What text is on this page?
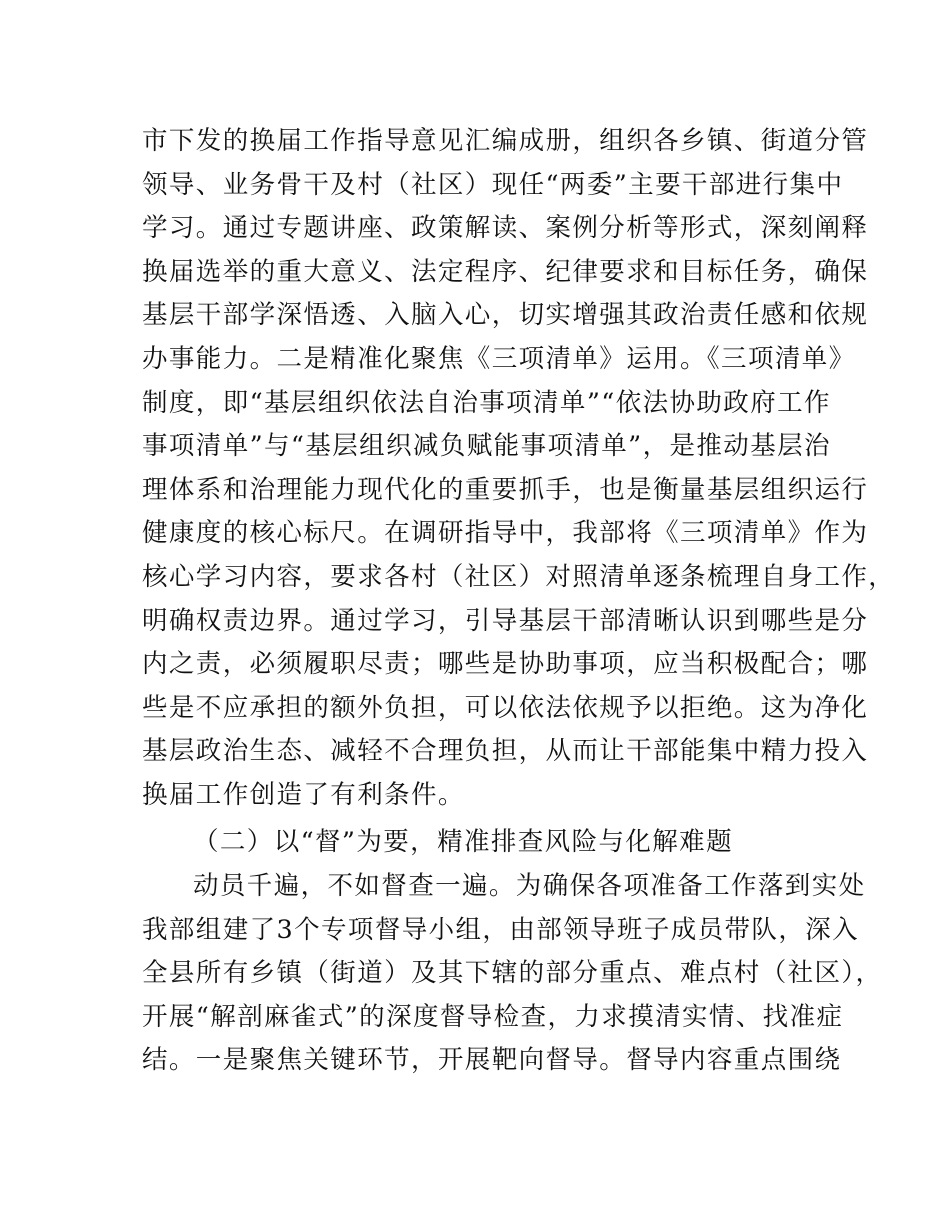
市下发的换届工作指导意见汇编成册，组织各乡镇、街道分管
领导、业务骨干及村（社区）现任“两委”主要干部进行集中
学习。通过专题讲座、政策解读、案例分析等形式，深刻阐释
换届选举的重大意义、法定程序、纪律要求和目标任务，确保
基层干部学深悟透、入脑入心，切实增强其政治责任感和依规
办事能力。二是精准化聚焦《三项清单》运用。《三项清单》
制度，即“基层组织依法自治事项清单”“依法协助政府工作
事项清单”与“基层组织减负赋能事项清单”，是推动基层治
理体系和治理能力现代化的重要抓手，也是衡量基层组织运行
健康度的核心标尺。在调研指导中，我部将《三项清单》作为
核心学习内容，要求各村（社区）对照清单逐条梳理自身工作，
明确权责边界。通过学习，引导基层干部清晰认识到哪些是分
内之责，必须履职尽责；哪些是协助事项，应当积极配合；哪
些是不应承担的额外负担，可以依法依规予以拒绝。这为净化
基层政治生态、减轻不合理负担，从而让干部能集中精力投入
换届工作创造了有利条件。
（二）以“督”为要，精准排查风险与化解难题
动员千遍，不如督查一遍。为确保各项准备工作落到实处
我部组建了3个专项督导小组，由部领导班子成员带队，深入
全县所有乡镇（街道）及其下辖的部分重点、难点村（社区），
开展“解剖麻雀式”的深度督导检查，力求摸清实情、找准症
结。一是聚焦关键环节，开展靶向督导。督导内容重点围绕
